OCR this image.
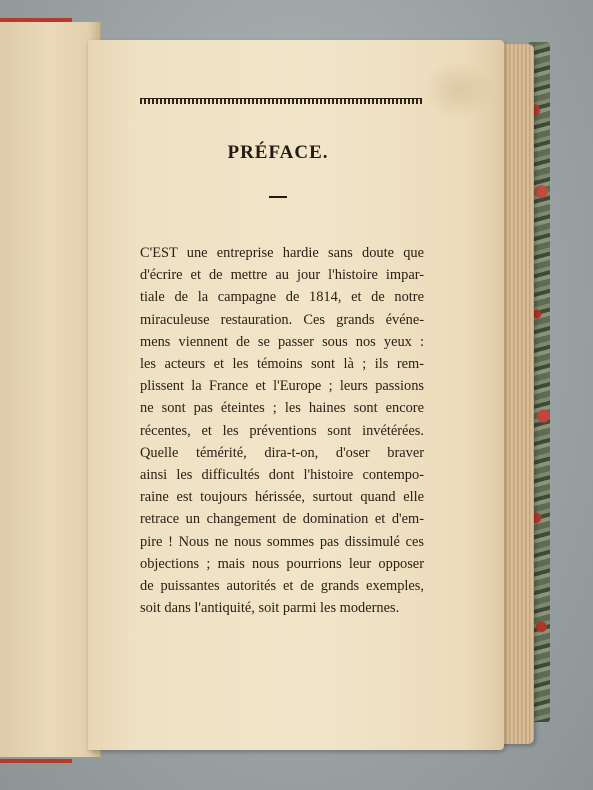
PRÉFACE.
C'EST une entreprise hardie sans doute que
d'écrire et de mettre au jour l'histoire impar-
tiale de la campagne de 1814, et de notre
miraculeuse restauration. Ces grands événe-
mens viennent de se passer sous nos yeux :
les acteurs et les témoins sont là ; ils rem-
plissent la France et l'Europe ; leurs passions
ne sont pas éteintes ; les haines sont encore
récentes, et les préventions sont invétérées.
Quelle témérité, dira-t-on, d'oser braver
ainsi les difficultés dont l'histoire contempo-
raine est toujours hérissée, surtout quand elle
retrace un changement de domination et d'em-
pire ! Nous ne nous sommes pas dissimulé ces
objections ; mais nous pourrions leur opposer
de puissantes autorités et de grands exemples,
soit dans l'antiquité, soit parmi les modernes.
